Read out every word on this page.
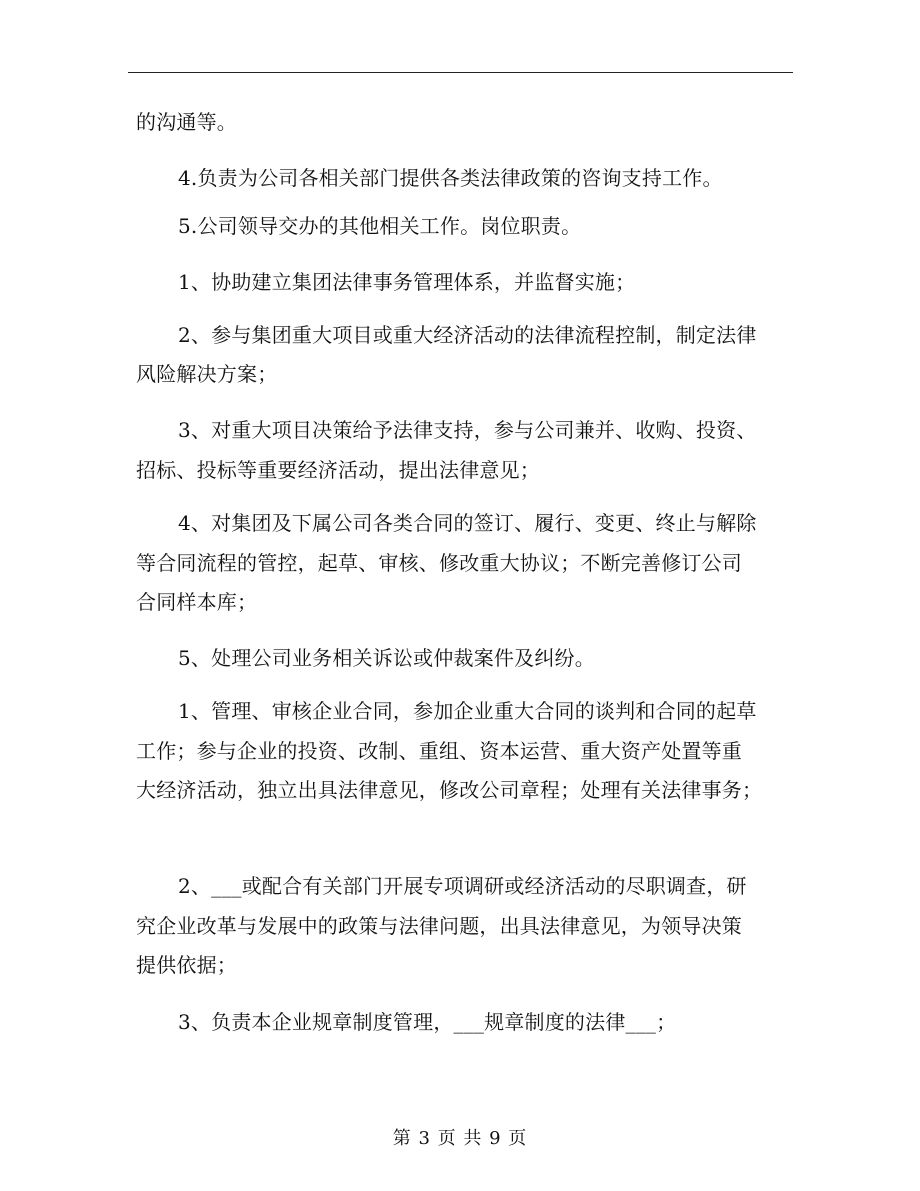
的沟通等。
4.负责为公司各相关部门提供各类法律政策的咨询支持工作。
5.公司领导交办的其他相关工作。岗位职责。
1、协助建立集团法律事务管理体系，并监督实施；
2、参与集团重大项目或重大经济活动的法律流程控制，制定法律
风险解决方案；
3、对重大项目决策给予法律支持，参与公司兼并、收购、投资、
招标、投标等重要经济活动，提出法律意见；
4、对集团及下属公司各类合同的签订、履行、变更、终止与解除
等合同流程的管控，起草、审核、修改重大协议；不断完善修订公司
合同样本库；
5、处理公司业务相关诉讼或仲裁案件及纠纷。
1、管理、审核企业合同，参加企业重大合同的谈判和合同的起草
工作；参与企业的投资、改制、重组、资本运营、重大资产处置等重
大经济活动，独立出具法律意见，修改公司章程；处理有关法律事务；
2、___或配合有关部门开展专项调研或经济活动的尽职调查，研
究企业改革与发展中的政策与法律问题，出具法律意见，为领导决策
提供依据；
3、负责本企业规章制度管理，___规章制度的法律___；
第 3 页 共 9 页
